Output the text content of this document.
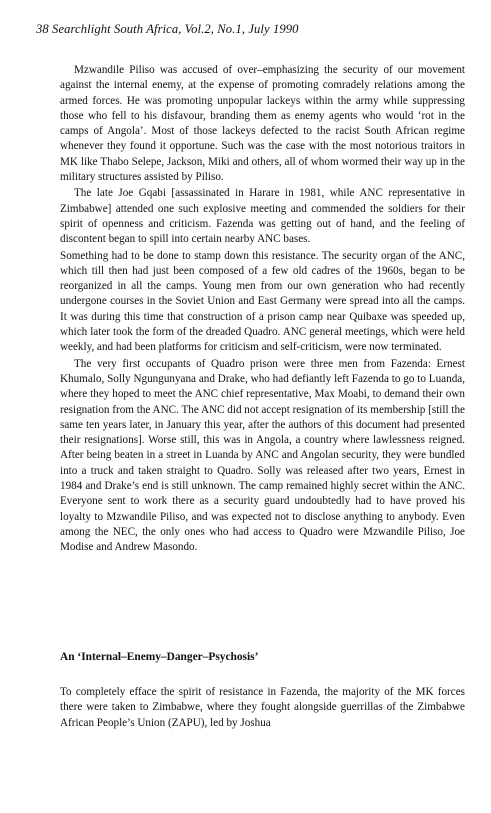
38 Searchlight South Africa, Vol.2, No.1, July 1990

Mzwandile Piliso was accused of over–emphasizing the security of our movement against the internal enemy, at the expense of promoting comradely relations among the armed forces. He was promoting unpopular lackeys within the army while suppressing those who fell to his disfavour, branding them as enemy agents who would ‘rot in the camps of Angola’. Most of those lackeys defected to the racist South African regime whenever they found it opportune. Such was the case with the most notorious traitors in MK like Thabo Selepe, Jackson, Miki and others, all of whom wormed their way up in the military structures assisted by Piliso.

The late Joe Gqabi [assassinated in Harare in 1981, while ANC representative in Zimbabwe] attended one such explosive meeting and commended the soldiers for their spirit of openness and criticism. Fazenda was getting out of hand, and the feeling of discontent began to spill into certain nearby ANC bases.

Something had to be done to stamp down this resistance. The security organ of the ANC, which till then had just been composed of a few old cadres of the 1960s, began to be reorganized in all the camps. Young men from our own generation who had recently undergone courses in the Soviet Union and East Germany were spread into all the camps. It was during this time that construction of a prison camp near Quibaxe was speeded up, which later took the form of the dreaded Quadro. ANC general meetings, which were held weekly, and had been platforms for criticism and self-criticism, were now terminated.

The very first occupants of Quadro prison were three men from Fazenda: Ernest Khumalo, Solly Ngungunyana and Drake, who had defiantly left Fazenda to go to Luanda, where they hoped to meet the ANC chief representative, Max Moabi, to demand their own resignation from the ANC. The ANC did not accept resignation of its membership [still the same ten years later, in January this year, after the authors of this document had presented their resignations]. Worse still, this was in Angola, a country where lawlessness reigned. After being beaten in a street in Luanda by ANC and Angolan security, they were bundled into a truck and taken straight to Quadro. Solly was released after two years, Ernest in 1984 and Drake’s end is still unknown. The camp remained highly secret within the ANC. Everyone sent to work there as a security guard undoubtedly had to have proved his loyalty to Mzwandile Piliso, and was expected not to disclose anything to anybody. Even among the NEC, the only ones who had access to Quadro were Mzwandile Piliso, Joe Modise and Andrew Masondo.

An ‘Internal–Enemy–Danger–Psychosis’

To completely efface the spirit of resistance in Fazenda, the majority of the MK forces there were taken to Zimbabwe, where they fought alongside guerrillas of the Zimbabwe African People’s Union (ZAPU), led by Joshua
